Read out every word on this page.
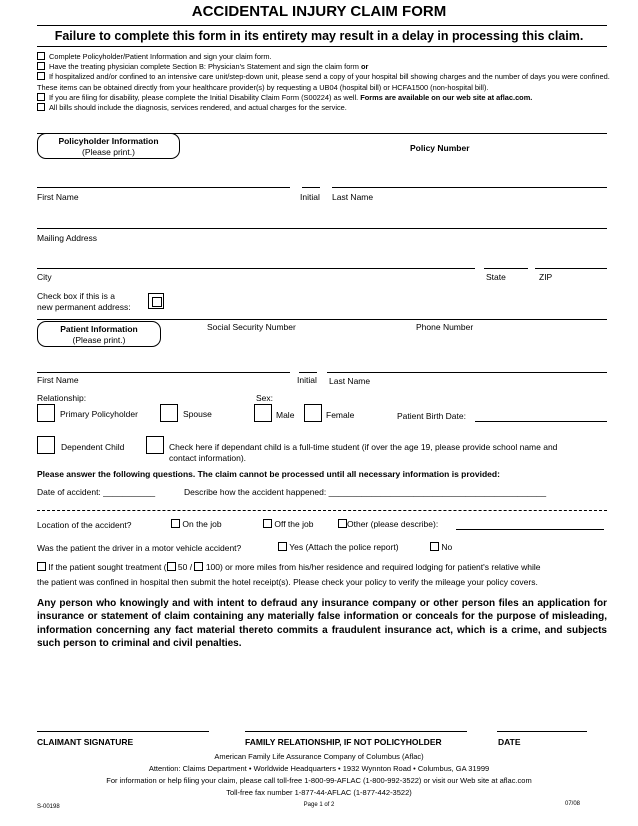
ACCIDENTAL INJURY CLAIM FORM
Failure to complete this form in its entirety may result in a delay in processing this claim.
Complete Policyholder/Patient Information and sign your claim form.
Have the treating physician complete Section B: Physician's Statement and sign the claim form or
If hospitalized and/or confined to an intensive care unit/step-down unit, please send a copy of your hospital bill showing charges and the number of days you were confined. These items can be obtained directly from your healthcare provider(s) by requesting a UB04 (hospital bill) or HCFA1500 (non-hospital bill).
If you are filing for disability, please complete the Initial Disability Claim Form (S00224) as well. Forms are available on our web site at aflac.com.
All bills should include the diagnosis, services rendered, and actual charges for the service.
Policyholder Information
(Please print.)	Policy Number
First Name	Initial Last Name
Mailing Address
City	State	ZIP
Check box if this is a
new permanent address:
Patient Information
(Please print.)
Social Security Number	Phone Number
First Name	Initial Last Name
Relationship:	Sex:
Primary Policyholder	Spouse	Male	Female	Patient Birth Date:
Dependent Child	Check here if dependant child is a full-time student (if over the age 19, please provide school name and
contact information).
Please answer the following questions. The claim cannot be processed until all necessary information is provided:
Date of accident: ___________	Describe how the accident happened: ______________________________________________
Location of the accident?	On the job	Off the job	Other (please describe):
Was the patient the driver in a motor vehicle accident?	Yes (Attach the police report)	No
If the patient sought treatment ( 50 / 100) or more miles from his/her residence and required lodging for patient's relative while
the patient was confined in hospital then submit the hotel receipt(s). Please check your policy to verify the mileage your policy covers.
Any person who knowingly and with intent to defraud any insurance company or other person files an application for insurance or statement of claim containing any materially false information or conceals for the purpose of misleading, information concerning any fact material thereto commits a fraudulent insurance act, which is a crime, and subjects such person to criminal and civil penalties.
CLAIMANT SIGNATURE	FAMILY RELATIONSHIP, IF NOT POLICYHOLDER	DATE
American Family Life Assurance Company of Columbus (Aflac)
Attention: Claims Department • Worldwide Headquarters • 1932 Wynnton Road • Columbus, GA 31999
For information or help filing your claim, please call toll-free 1-800-99-AFLAC (1-800-992-3522) or visit our Web site at aflac.com
Toll-free fax number 1-877-44-AFLAC (1-877-442-3522)
S-00198	Page 1 of 2	07/08
